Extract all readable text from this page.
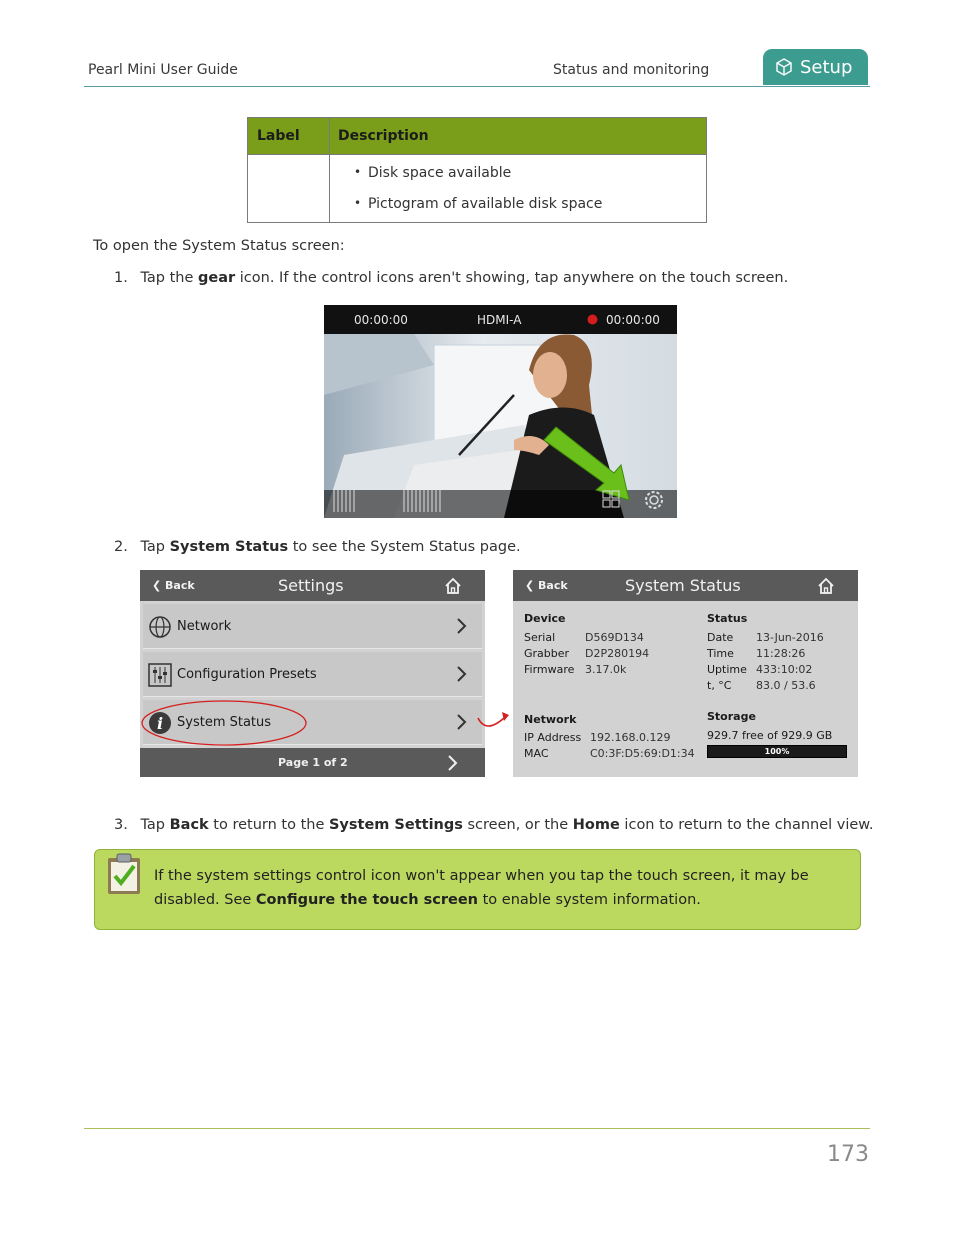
Pearl Mini User Guide	Status and monitoring	Setup
Label	Description
• Disk space available
• Pictogram of available disk space
To open the System Status screen:
1. Tap the gear icon. If the control icons aren't showing, tap anywhere on the touch screen.
00:00:00	HDMI-A	00:00:00
2. Tap System Status to see the System Status page.
❮ Back	Settings
Network
Configuration Presets
i System Status
Page 1 of 2
❮ Back	System Status
Device
Serial	D569D134
Grabber D2P280194
Firmware 3.17.0k
Status
Date 13-Jun-2016
Time 11:28:26
Uptime 433:10:02
t, °C 83.0 / 53.6
Network
IP Address 192.168.0.129
MAC	C0:3F:D5:69:D1:34
Storage
929.7 free of 929.9 GB
100%
3. Tap Back to return to the System Settings screen, or the Home icon to return to the channel view.
If the system settings control icon won't appear when you tap the touch screen, it may be
disabled. See Configure the touch screen to enable system information.
173
